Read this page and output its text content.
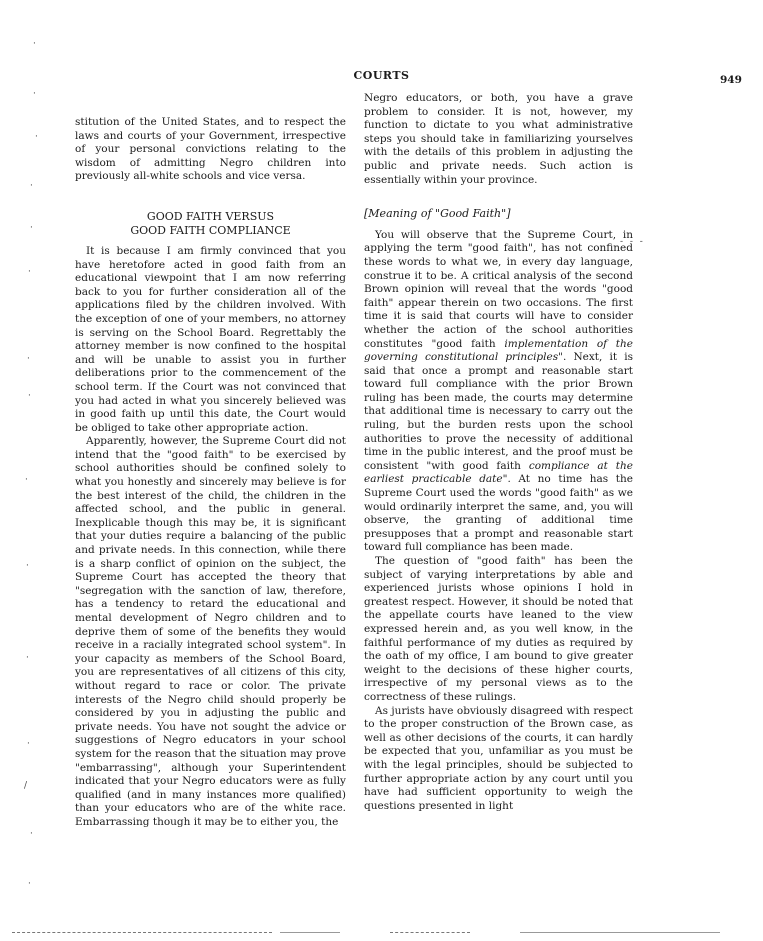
COURTS	949

stitution of the United States, and to respect the laws and courts of your Government, irrespective of your personal convictions relating to the wisdom of admitting Negro children into previously all-white schools and vice versa.

GOOD FAITH VERSUS
GOOD FAITH COMPLIANCE

It is because I am firmly convinced that you have heretofore acted in good faith from an educational viewpoint that I am now referring back to you for further consideration all of the applications filed by the children involved. With the exception of one of your members, no attorney is serving on the School Board. Regrettably the attorney member is now confined to the hospital and will be unable to assist you in further deliberations prior to the commencement of the school term. If the Court was not convinced that you had acted in what you sincerely believed was in good faith up until this date, the Court would be obliged to take other appropriate action.

Apparently, however, the Supreme Court did not intend that the "good faith" to be exercised by school authorities should be confined solely to what you honestly and sincerely may believe is for the best interest of the child, the children in the affected school, and the public in general. Inexplicable though this may be, it is significant that your duties require a balancing of the public and private needs. In this connection, while there is a sharp conflict of opinion on the subject, the Supreme Court has accepted the theory that "segregation with the sanction of law, therefore, has a tendency to retard the educational and mental development of Negro children and to deprive them of some of the benefits they would receive in a racially integrated school system". In your capacity as members of the School Board, you are representatives of all citizens of this city, without regard to race or color. The private interests of the Negro child should properly be considered by you in adjusting the public and private needs. You have not sought the advice or suggestions of Negro educators in your school system for the reason that the situation may prove "embarrassing", although your Superintendent indicated that your Negro educators were as fully qualified (and in many instances more qualified) than your educators who are of the white race. Embarrassing though it may be to either you, the

Negro educators, or both, you have a grave problem to consider. It is not, however, my function to dictate to you what administrative steps you should take in familiarizing yourselves with the details of this problem in adjusting the public and private needs. Such action is essentially within your province.

[Meaning of "Good Faith"]

You will observe that the Supreme Court, in applying the term "good faith", has not confined these words to what we, in every day language, construe it to be. A critical analysis of the second Brown opinion will reveal that the words "good faith" appear therein on two occasions. The first time it is said that courts will have to consider whether the action of the school authorities constitutes "good faith implementation of the governing constitutional principles". Next, it is said that once a prompt and reasonable start toward full compliance with the prior Brown ruling has been made, the courts may determine that additional time is necessary to carry out the ruling, but the burden rests upon the school authorities to prove the necessity of additional time in the public interest, and the proof must be consistent "with good faith compliance at the earliest practicable date". At no time has the Supreme Court used the words "good faith" as we would ordinarily interpret the same, and, you will observe, the granting of additional time presupposes that a prompt and reasonable start toward full compliance has been made.

The question of "good faith" has been the subject of varying interpretations by able and experienced jurists whose opinions I hold in greatest respect. However, it should be noted that the appellate courts have leaned to the view expressed herein and, as you well know, in the faithful performance of my duties as required by the oath of my office, I am bound to give greater weight to the decisions of these higher courts, irrespective of my personal views as to the correctness of these rulings.

As jurists have obviously disagreed with respect to the proper construction of the Brown case, as well as other decisions of the courts, it can hardly be expected that you, unfamiliar as you must be with the legal principles, should be subjected to further appropriate action by any court until you have had sufficient opportunity to weigh the questions presented in light

·
·
·
·
·
·
·
·
·
·
·
·
/
·
·
- - -
